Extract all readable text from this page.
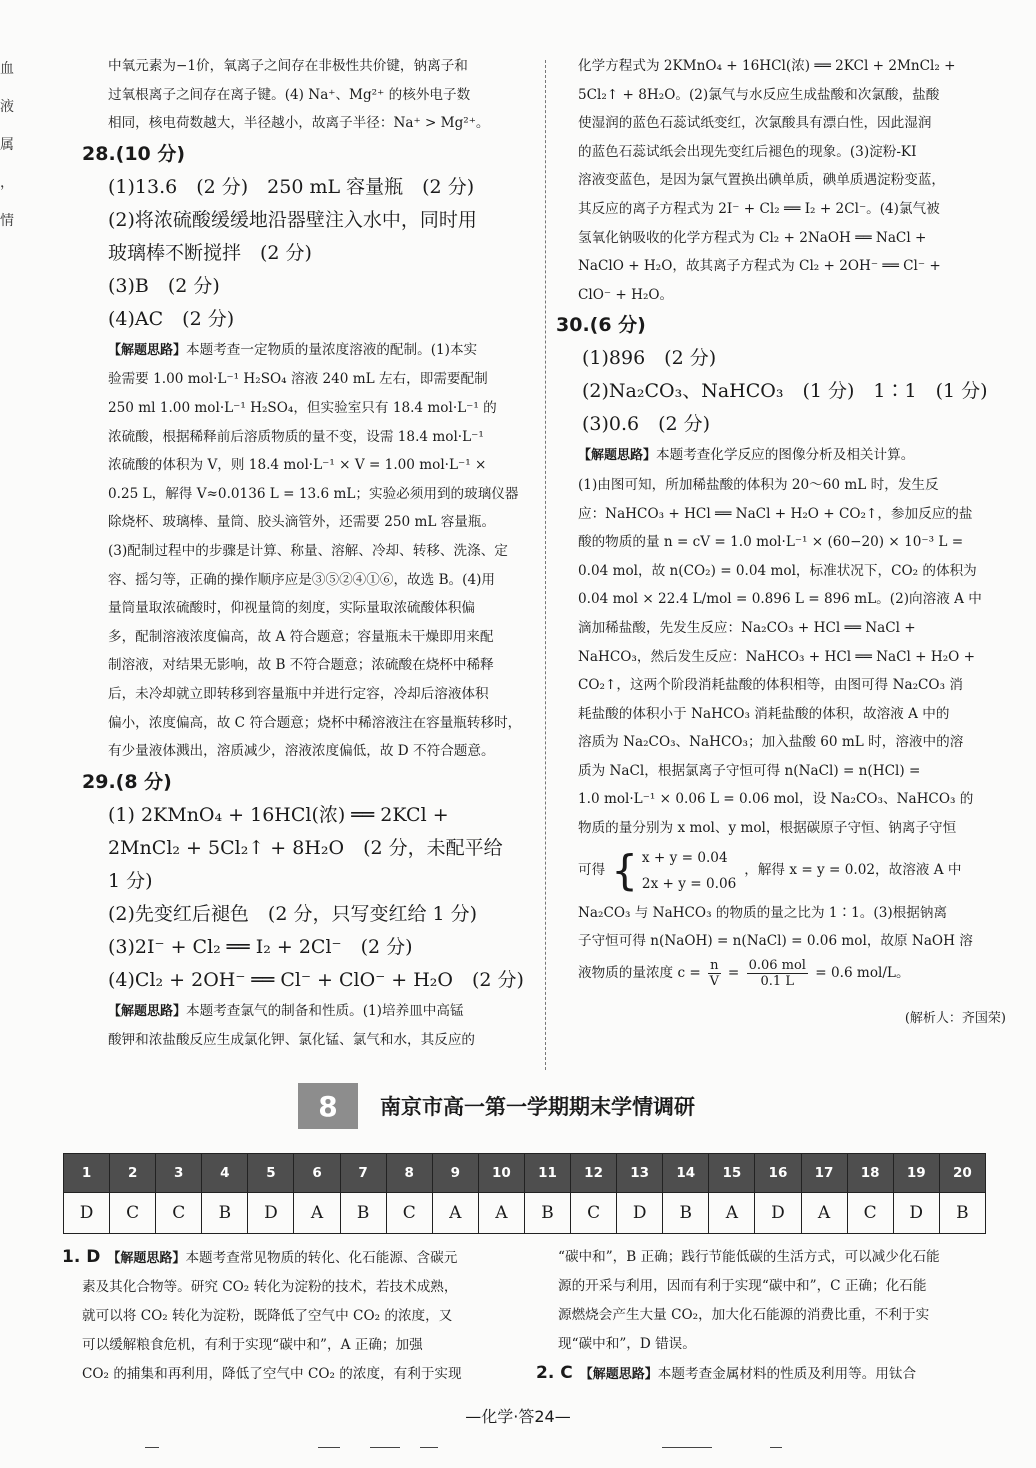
血
液
属
，
情

中氧元素为−1价，氧离子之间存在非极性共价键，钠离子和

过氧根离子之间存在离子键。(4) Na⁺、Mg²⁺ 的核外电子数

相同，核电荷数越大，半径越小，故离子半径：Na⁺ > Mg²⁺。

28.(10 分)

(1)13.6　(2 分)　250 mL 容量瓶　(2 分)

(2)将浓硫酸缓缓地沿器壁注入水中，同时用

玻璃棒不断搅拌　(2 分)

(3)B　(2 分)

(4)AC　(2 分)

【解题思路】本题考查一定物质的量浓度溶液的配制。(1)本实

验需要 1.00 mol·L⁻¹ H₂SO₄ 溶液 240 mL 左右，即需要配制

250 ml 1.00 mol·L⁻¹ H₂SO₄，但实验室只有 18.4 mol·L⁻¹ 的

浓硫酸，根据稀释前后溶质物质的量不变，设需 18.4 mol·L⁻¹

浓硫酸的体积为 V，则 18.4 mol·L⁻¹ × V = 1.00 mol·L⁻¹ ×

0.25 L，解得 V≈0.0136 L = 13.6 mL；实验必须用到的玻璃仪器

除烧杯、玻璃棒、量筒、胶头滴管外，还需要 250 mL 容量瓶。

(3)配制过程中的步骤是计算、称量、溶解、冷却、转移、洗涤、定

容、摇匀等，正确的操作顺序应是③⑤②④①⑥，故选 B。(4)用

量筒量取浓硫酸时，仰视量筒的刻度，实际量取浓硫酸体积偏

多，配制溶液浓度偏高，故 A 符合题意；容量瓶未干燥即用来配

制溶液，对结果无影响，故 B 不符合题意；浓硫酸在烧杯中稀释

后，未冷却就立即转移到容量瓶中并进行定容，冷却后溶液体积

偏小，浓度偏高，故 C 符合题意；烧杯中稀溶液注在容量瓶转移时，

有少量液体溅出，溶质减少，溶液浓度偏低，故 D 不符合题意。

29.(8 分)

(1) 2KMnO₄ + 16HCl(浓) ══ 2KCl +

2MnCl₂ + 5Cl₂↑ + 8H₂O　(2 分，未配平给

1 分)

(2)先变红后褪色　(2 分，只写变红给 1 分)

(3)2I⁻ + Cl₂ ══ I₂ + 2Cl⁻　(2 分)

(4)Cl₂ + 2OH⁻ ══ Cl⁻ + ClO⁻ + H₂O　(2 分)

【解题思路】本题考查氯气的制备和性质。(1)培养皿中高锰

酸钾和浓盐酸反应生成氯化钾、氯化锰、氯气和水，其反应的

化学方程式为 2KMnO₄ + 16HCl(浓) ══ 2KCl + 2MnCl₂ +

5Cl₂↑ + 8H₂O。(2)氯气与水反应生成盐酸和次氯酸，盐酸

使湿润的蓝色石蕊试纸变红，次氯酸具有漂白性，因此湿润

的蓝色石蕊试纸会出现先变红后褪色的现象。(3)淀粉-KI

溶液变蓝色，是因为氯气置换出碘单质，碘单质遇淀粉变蓝，

其反应的离子方程式为 2I⁻ + Cl₂ ══ I₂ + 2Cl⁻。(4)氯气被

氢氧化钠吸收的化学方程式为 Cl₂ + 2NaOH ══ NaCl +

NaClO + H₂O，故其离子方程式为 Cl₂ + 2OH⁻ ══ Cl⁻ +

ClO⁻ + H₂O。

30.(6 分)

(1)896　(2 分)

(2)Na₂CO₃、NaHCO₃　(1 分)　1∶1　(1 分)

(3)0.6　(2 分)

【解题思路】本题考查化学反应的图像分析及相关计算。

(1)由图可知，所加稀盐酸的体积为 20～60 mL 时，发生反

应：NaHCO₃ + HCl ══ NaCl + H₂O + CO₂↑，参加反应的盐

酸的物质的量 n = cV = 1.0 mol·L⁻¹ × (60−20) × 10⁻³ L =

0.04 mol，故 n(CO₂) = 0.04 mol，标准状况下，CO₂ 的体积为

0.04 mol × 22.4 L/mol = 0.896 L = 896 mL。(2)向溶液 A 中

滴加稀盐酸，先发生反应：Na₂CO₃ + HCl ══ NaCl +

NaHCO₃，然后发生反应：NaHCO₃ + HCl ══ NaCl + H₂O +

CO₂↑，这两个阶段消耗盐酸的体积相等，由图可得 Na₂CO₃ 消

耗盐酸的体积小于 NaHCO₃ 消耗盐酸的体积，故溶液 A 中的

溶质为 Na₂CO₃、NaHCO₃；加入盐酸 60 mL 时，溶液中的溶

质为 NaCl，根据氯离子守恒可得 n(NaCl) = n(HCl) =

1.0 mol·L⁻¹ × 0.06 L = 0.06 mol，设 Na₂CO₃、NaHCO₃ 的

物质的量分别为 x mol、y mol，根据碳原子守恒、钠离子守恒

可得 { x + y = 0.04
2x + y = 0.06
，解得 x = y = 0.02，故溶液 A 中

Na₂CO₃ 与 NaHCO₃ 的物质的量之比为 1∶1。(3)根据钠离

子守恒可得 n(NaOH) = n(NaCl) = 0.06 mol，故原 NaOH 溶

液物质的量浓度 $c = \frac{n}{V} = \frac{\text{0.06 mol}}{0.1 L} = 0.6$ mol/L。

(解析人：齐国荣)

8	南京市高一第一学期期末学情调研
1	2	3	4	5	6	7	8	9	10	11	12	13	14	15	16	17	18	19	20
D	C	C	B	D	A	B	C	A	A	B	C	D	B	A	D	A	C	D	B

1. D　 【解题思路】本题考查常见物质的转化、化石能源、含碳元

素及其化合物等。研究 CO₂ 转化为淀粉的技术，若技术成熟，

就可以将 CO₂ 转化为淀粉，既降低了空气中 CO₂ 的浓度，又

可以缓解粮食危机，有利于实现“碳中和”，A 正确；加强

CO₂ 的捕集和再利用，降低了空气中 CO₂ 的浓度，有利于实现

“碳中和”，B 正确；践行节能低碳的生活方式，可以减少化石能

源的开采与利用，因而有利于实现“碳中和”，C 正确；化石能

源燃烧会产生大量 CO₂，加大化石能源的消费比重，不利于实

现“碳中和”，D 错误。

2. C　 【解题思路】本题考查金属材料的性质及利用等。用钛合

—化学·答24—
